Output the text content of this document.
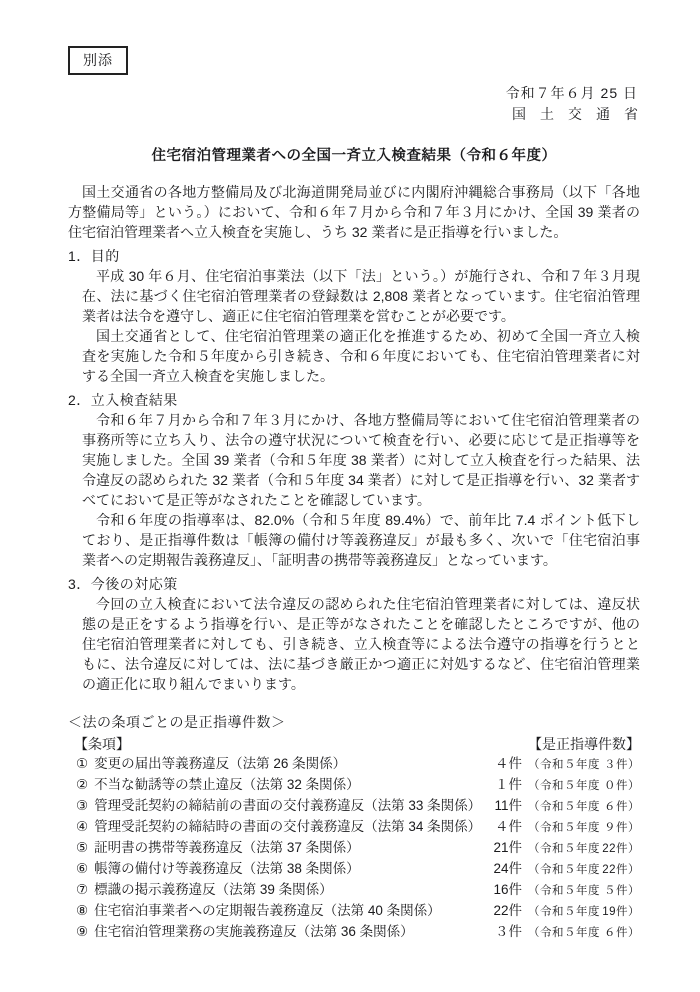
別添
令和７年６月 25 日
国　土　交　通　省
住宅宿泊管理業者への全国一斉立入検査結果（令和６年度）

国土交通省の各地方整備局及び北海道開発局並びに内閣府沖縄総合事務局（以下「各地方整備局等」という。）において、令和６年７月から令和７年３月にかけ、全国 39 業者の住宅宿泊管理業者へ立入検査を実施し、うち 32 業者に是正指導を行いました。

1．目的

平成 30 年６月、住宅宿泊事業法（以下「法」という。）が施行され、令和７年３月現在、法に基づく住宅宿泊管理業者の登録数は 2,808 業者となっています。住宅宿泊管理業者は法令を遵守し、適正に住宅宿泊管理業を営むことが必要です。

国土交通省として、住宅宿泊管理業の適正化を推進するため、初めて全国一斉立入検査を実施した令和５年度から引き続き、令和６年度においても、住宅宿泊管理業者に対する全国一斉立入検査を実施しました。

2．立入検査結果

令和６年７月から令和７年３月にかけ、各地方整備局等において住宅宿泊管理業者の事務所等に立ち入り、法令の遵守状況について検査を行い、必要に応じて是正指導等を実施しました。全国 39 業者（令和５年度 38 業者）に対して立入検査を行った結果、法令違反の認められた 32 業者（令和５年度 34 業者）に対して是正指導を行い、32 業者すべてにおいて是正等がなされたことを確認しています。

令和６年度の指導率は、82.0%（令和５年度 89.4%）で、前年比 7.4 ポイント低下しており、是正指導件数は「帳簿の備付け等義務違反」が最も多く、次いで「住宅宿泊事業者への定期報告義務違反」、「証明書の携帯等義務違反」となっています。

3．今後の対応策

今回の立入検査において法令違反の認められた住宅宿泊管理業者に対しては、違反状態の是正をするよう指導を行い、是正等がなされたことを確認したところですが、他の住宅宿泊管理業者に対しても、引き続き、立入検査等による法令遵守の指導を行うとともに、法令違反に対しては、法に基づき厳正かつ適正に対処するなど、住宅宿泊管理業の適正化に取り組んでまいります。

＜法の条項ごとの是正指導件数＞
【条項】	【是正指導件数】
① 変更の届出等義務違反（法第 26 条関係）	４件 （令和５年度 ３件）
② 不当な勧誘等の禁止違反（法第 32 条関係）	１件 （令和５年度 ０件）
③ 管理受託契約の締結前の書面の交付義務違反（法第 33 条関係） 11件 （令和５年度 ６件）
④ 管理受託契約の締結時の書面の交付義務違反（法第 34 条関係）	４件 （令和５年度 ９件）
⑤ 証明書の携帯等義務違反（法第 37 条関係）	21件 （令和５年度 22件）
⑥ 帳簿の備付け等義務違反（法第 38 条関係）	24件 （令和５年度 22件）
⑦ 標識の掲示義務違反（法第 39 条関係）	16件 （令和５年度 ５件）
⑧ 住宅宿泊事業者への定期報告義務違反（法第 40 条関係）	22件 （令和５年度 19件）
⑨ 住宅宿泊管理業務の実施義務違反（法第 36 条関係）	３件 （令和５年度 ６件）
